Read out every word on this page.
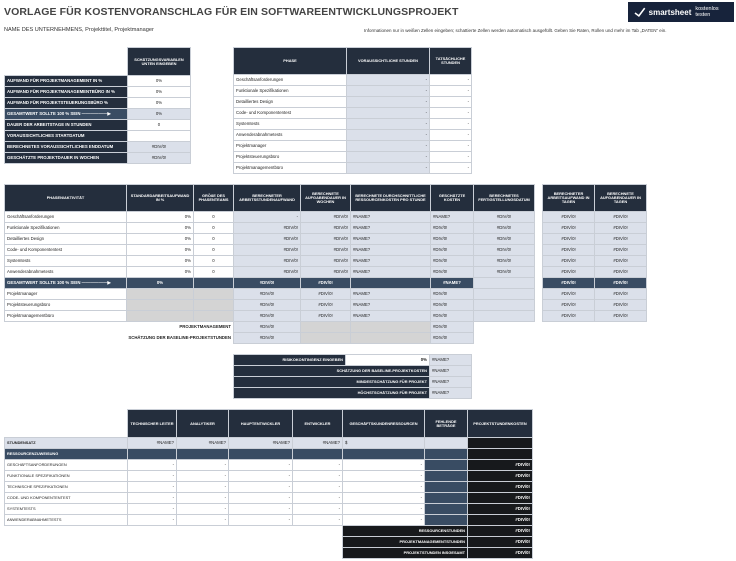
VORLAGE FÜR KOSTENVORANSCHLAG FÜR EIN SOFTWAREENTWICKLUNGSPROJEKT	smartsheet kostenlos testen
NAME DES UNTERNEHMENS, Projekttitel, Projektmanager	Informationen nur in weißen Zellen eingeben; schattierte Zellen werden automatisch ausgefüllt. Geben Sie Raten, Rollen und mehr im Tab „DATEN“ ein.
	SCHÄTZUNGSVARIABLEN UNTEN EINGEBEN
AUFWAND FÜR PROJEKTMANAGEMENT IN %	0%
AUFWAND FÜR PROJEKTMANAGEMENTBÜRO IN %	0%
AUFWAND FÜR PROJEKTSTEUERUNGSBÜRO %	0%
GESAMTWERT SOLLTE 100 % SEIN ——————▶	0%
DAUER DER ARBEITSTAGE IN STUNDEN	0
VORAUSSICHTLICHES STARTDATUM	
BERECHNETES VORAUSSICHTLICHES ENDDATUM	#DIV/0!
GESCHÄTZTE PROJEKTDAUER IN WOCHEN	#DIV/0!
PHASE	VORAUSSICHTLICHE STUNDEN	TATSÄCHLICHE STUNDEN
Geschäftsanforderungen	-	-
Funktionale Spezifikationen	-	-
Detailliertes Design	-	-
Code- und Komponententest	-	-
Systemtests	-	-
Anwenderabnahmetests	-	-
Projektmanager	-	-
Projektsteuerungsbüro	-	-
Projektmanagementbüro	-	-
PHASEN/AKTIVITÄT	STANDARDARBEITSAUFWAND IN %	GRÖßE DES PHASENTEAMS	BERECHNETER ARBEITSSTUNDENAUFWAND	BERECHNETE AUFGABENDAUER IN WOCHEN	BERECHNETE DURCHSCHNITTLICHE RESSOURCENKOSTEN PRO STUNDE	GESCHÄTZTE KOSTEN	BERECHNETES FERTIGSTELLUNGSDATUM
Geschäftsanforderungen	0%	0	-	#DIV/0!	#NAME?	#NAME?	#DIV/0!
Funktionale Spezifikationen	0%	0	#DIV/0!	#DIV/0!	#NAME?	#DIV/0!	#DIV/0!
Detailliertes Design	0%	0	#DIV/0!	#DIV/0!	#NAME?	#DIV/0!	#DIV/0!
Code- und Komponententest	0%	0	#DIV/0!	#DIV/0!	#NAME?	#DIV/0!	#DIV/0!
Systemtests	0%	0	#DIV/0!	#DIV/0!	#NAME?	#DIV/0!	#DIV/0!
Anwenderabnahmetests	0%	0	#DIV/0!	#DIV/0!	#NAME?	#DIV/0!	#DIV/0!
GESAMTWERT SOLLTE 100 % SEIN ——————▶	0%		#DIV/0!	#DIV/0!		#NAME?	
Projektmanager			#DIV/0!	#DIV/0!	#NAME?	#DIV/0!	
Projektsteuerungsbüro			#DIV/0!	#DIV/0!	#NAME?	#DIV/0!	
Projektmanagementbüro			#DIV/0!	#DIV/0!	#NAME?	#DIV/0!	
PROJEKTMANAGEMENT			#DIV/0!			#DIV/0!	
SCHÄTZUNG DER BASELINE-PROJEKTSTUNDEN			#DIV/0!			#DIV/0!	
BERECHNETER ARBEITSAUFWAND IN TAGEN	BERECHNETE AUFGABENDAUER IN TAGEN
#DIV/0!	#DIV/0!
#DIV/0!	#DIV/0!
#DIV/0!	#DIV/0!
#DIV/0!	#DIV/0!
#DIV/0!	#DIV/0!
#DIV/0!	#DIV/0!
#DIV/0!	#DIV/0!
#DIV/0!	#DIV/0!
#DIV/0!	#DIV/0!
#DIV/0!	#DIV/0!
RISIKOKONTINGENZ EINGEBEN	0%	#NAME?
SCHÄTZUNG DER BASELINE-PROJEKTKOSTEN		#NAME?
MINDESTSCHÄTZUNG FÜR PROJEKT		#NAME?
HÖCHSTSCHÄTZUNG FÜR PROJEKT		#NAME?
	TECHNISCHER LEITER	ANALYTIKER	HAUPTENTWICKLER	ENTWICKLER	GESCHÄFTSKUNDENRESSOURCEN	FEHLENDE BETRÄGE	PROJEKTSTUNDENKOSTEN
STUNDENSATZ	#NAME?	#NAME?	#NAME?	#NAME?	$		
RESSOURCENZUWEISUNG							
GESCHÄFTSANFORDERUNGEN	-	-	-	-	-		#DIV/0!
FUNKTIONALE SPEZIFIKATIONEN	-	-	-	-	-		#DIV/0!
TECHNISCHE SPEZIFIKATIONEN	-	-	-	-	-		#DIV/0!
CODE- UND KOMPONENTENTEST	-	-	-	-	-		#DIV/0!
SYSTEMTESTS	-	-	-	-	-		#DIV/0!
ANWENDERABNAHMETESTS	-	-	-	-	-		#DIV/0!
					RESSOURCENSTUNDEN		#DIV/0!
					PROJEKTMANAGEMENTSTUNDEN		#DIV/0!
					PROJEKTSTUNDEN INSGESAMT		#DIV/0!
